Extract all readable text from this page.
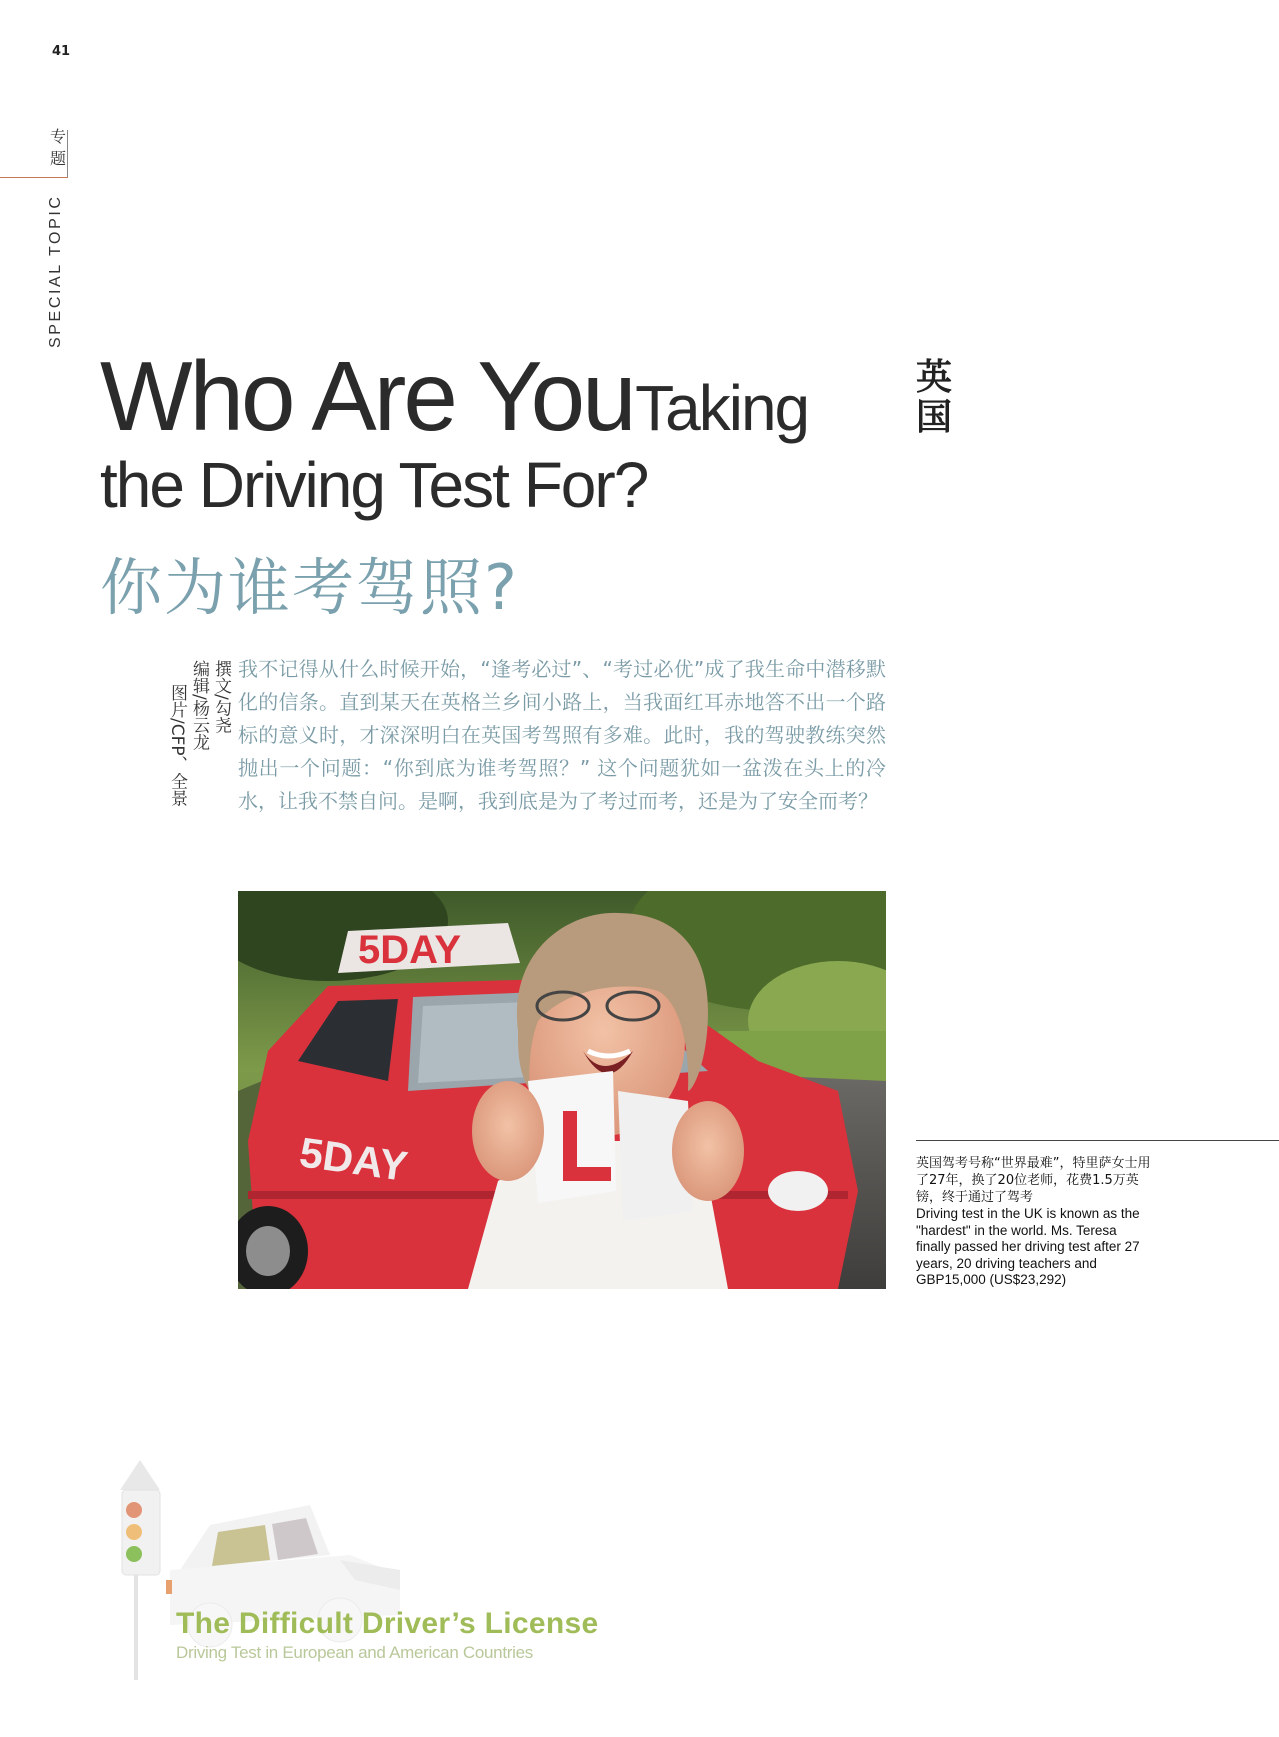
41
专题
SPECIAL TOPIC
Who Are You Taking
the Driving Test For?
你为谁考驾照?
英国
撰文/勾尧
编辑/杨云龙
图片/CFP、全景
我不记得从什么时候开始，“逢考必过”、“考过必优”成了我生命中潜移默化的信条。直到某天在英格兰乡间小路上，当我面红耳赤地答不出一个路标的意义时，才深深明白在英国考驾照有多难。此时，我的驾驶教练突然抛出一个问题：“你到底为谁考驾照？” 这个问题犹如一盆泼在头上的冷水，让我不禁自问。是啊，我到底是为了考过而考，还是为了安全而考？
5DAY
5DAY	英国驾考号称“世界最难”，特里萨女士用了27年，换了20位老师，花费1.5万英镑，终于通过了驾考
Driving test in the UK is known as the "hardest" in the world. Ms. Teresa finally passed her driving test after 27 years, 20 driving teachers and GBP15,000 (US$23,292)
The Difficult Driver’s License
Driving Test in European and American Countries
